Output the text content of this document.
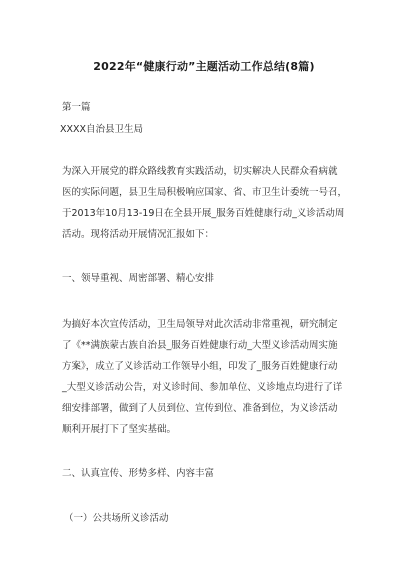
2022年“健康行动”主题活动工作总结(8篇)
第一篇
XXXX自治县卫生局
为深入开展党的群众路线教育实践活动，切实解决人民群众看病就
医的实际问题，县卫生局积极响应国家、省、市卫生计委统一号召，
于2013年10月13-19日在全县开展_服务百姓健康行动_义诊活动周
活动。现将活动开展情况汇报如下：
一、领导重视、周密部署、精心安排
为搞好本次宣传活动，卫生局领导对此次活动非常重视，研究制定
了《**满族蒙古族自治县_服务百姓健康行动_大型义诊活动周实施
方案》，成立了义诊活动工作领导小组，印发了_服务百姓健康行动
_大型义诊活动公告，对义诊时间、参加单位、义诊地点均进行了详
细安排部署，做到了人员到位、宣传到位、准备到位，为义诊活动
顺利开展打下了坚实基础。
二、认真宣传、形势多样、内容丰富
（一）公共场所义诊活动
